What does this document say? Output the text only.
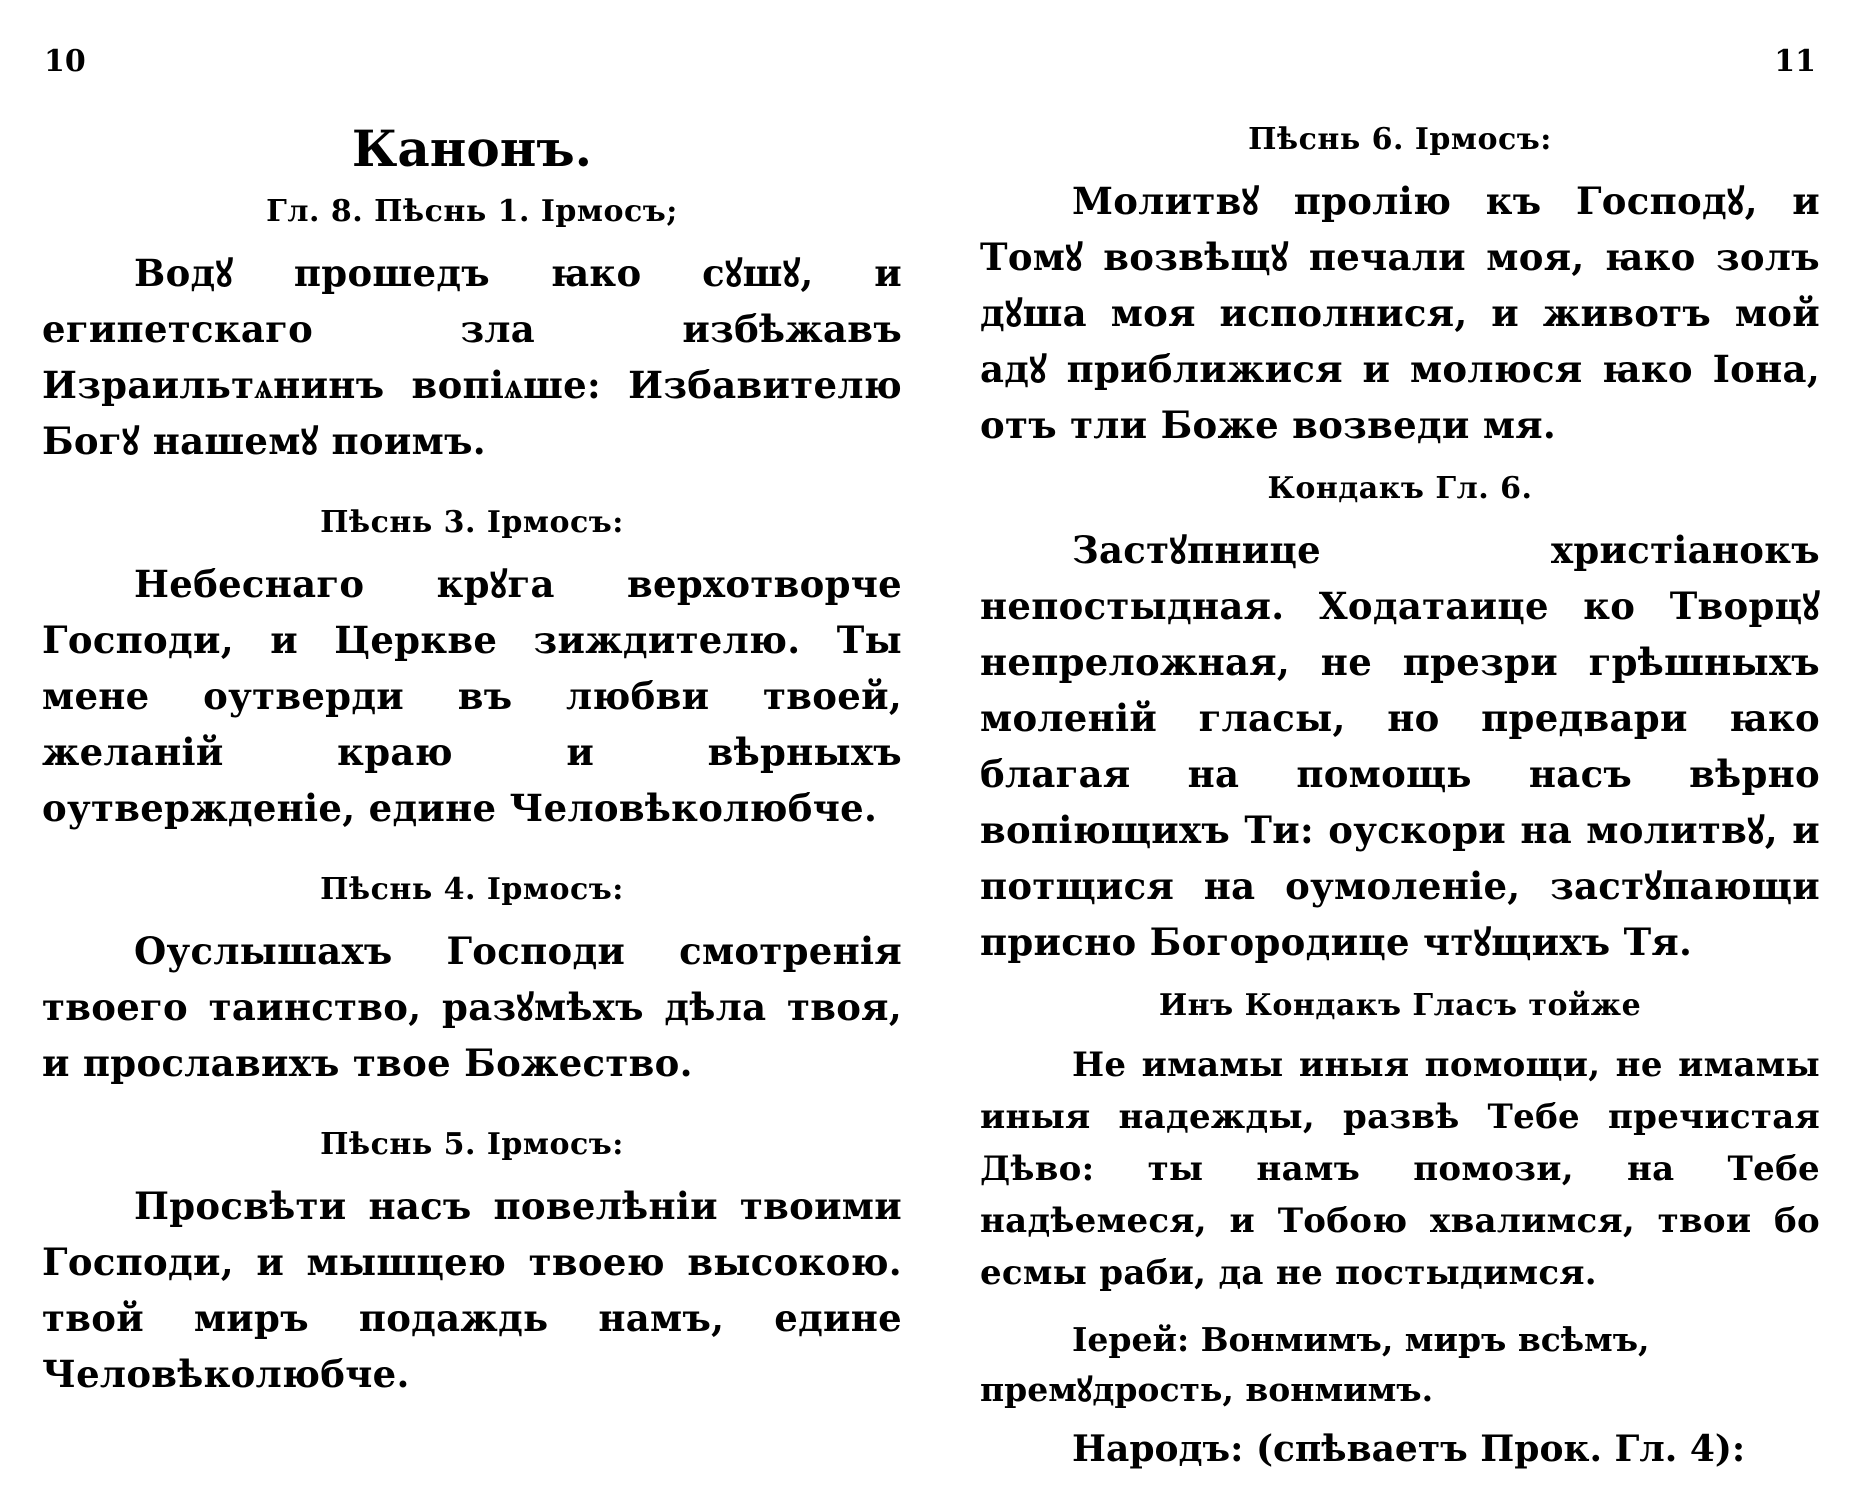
10	11
Канонъ.
Гл. 8. Пѣснь 1. Ірмосъ;

Водꙋ прошедъ ꙗко сꙋшꙋ, и египетскаго зла избѣжавъ Израильтѧнинъ вопіѧше: Избавителю Богꙋ нашемꙋ поимъ.

Пѣснь 3. Ірмосъ:

Небеснаго крꙋга верхотворче Господи, и Церкве зиждителю. Ты мене оутверди въ любви твоей, желаній краю и вѣрныхъ оутвержденіе, едине Человѣколюбче.

Пѣснь 4. Ірмосъ:

Оуслышахъ Господи смотренія твоего таинство, разꙋмѣхъ дѣла твоя, и прославихъ твое Божество.

Пѣснь 5. Ірмосъ:

Просвѣти насъ повелѣніи твоими Господи, и мышцею твоею высокою. твой миръ подаждь намъ, едине Человѣколюбче.

Пѣснь 6. Ірмосъ:

Молитвꙋ пролію къ Господꙋ, и Томꙋ возвѣщꙋ печали моя, ꙗко золъ дꙋша моя исполнися, и животъ мой адꙋ приближися и молюся ꙗко Іона, отъ тли Боже возведи мя.

Кондакъ Гл. 6.

Застꙋпнице христіанокъ непостыдная. Ходатаице ко Творцꙋ непреложная, не презри грѣшныхъ моленій гласы, но предвари ꙗко благая на помощь насъ вѣрно вопіющихъ Ти: оускори на молитвꙋ, и потщися на оумоленіе, застꙋпающи присно Богородице чтꙋщихъ Тя.

Инъ Кондакъ Гласъ тойже

Не имамы иныя помощи, не имамы иныя надежды, развѣ Тебе пречистая Дѣво: ты намъ помози, на Тебе надѣемеся, и Тобою хвалимся, твои бо есмы раби, да не постыдимся.

Іерей: Вонмимъ, миръ всѣмъ, премꙋдрость, вонмимъ.

Народъ: (спѣваетъ Прок. Гл. 4):
